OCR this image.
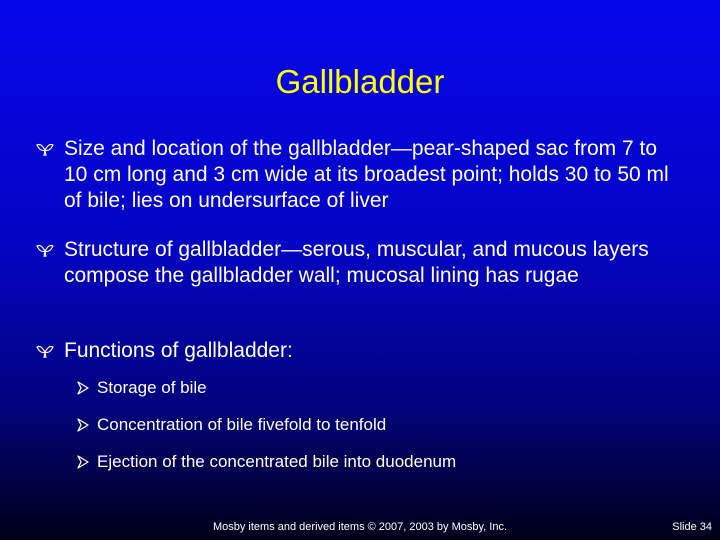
Gallbladder
Size and location of the gallbladder—pear-shaped sac from 7 to 10 cm long and 3 cm wide at its broadest point; holds 30 to 50 ml of bile; lies on undersurface of liver
Structure of gallbladder—serous, muscular, and mucous layers compose the gallbladder wall; mucosal lining has rugae
Functions of gallbladder:
Storage of bile
Concentration of bile fivefold to tenfold
Ejection of the concentrated bile into duodenum
Mosby items and derived items © 2007, 2003 by Mosby, Inc.	Slide 34
